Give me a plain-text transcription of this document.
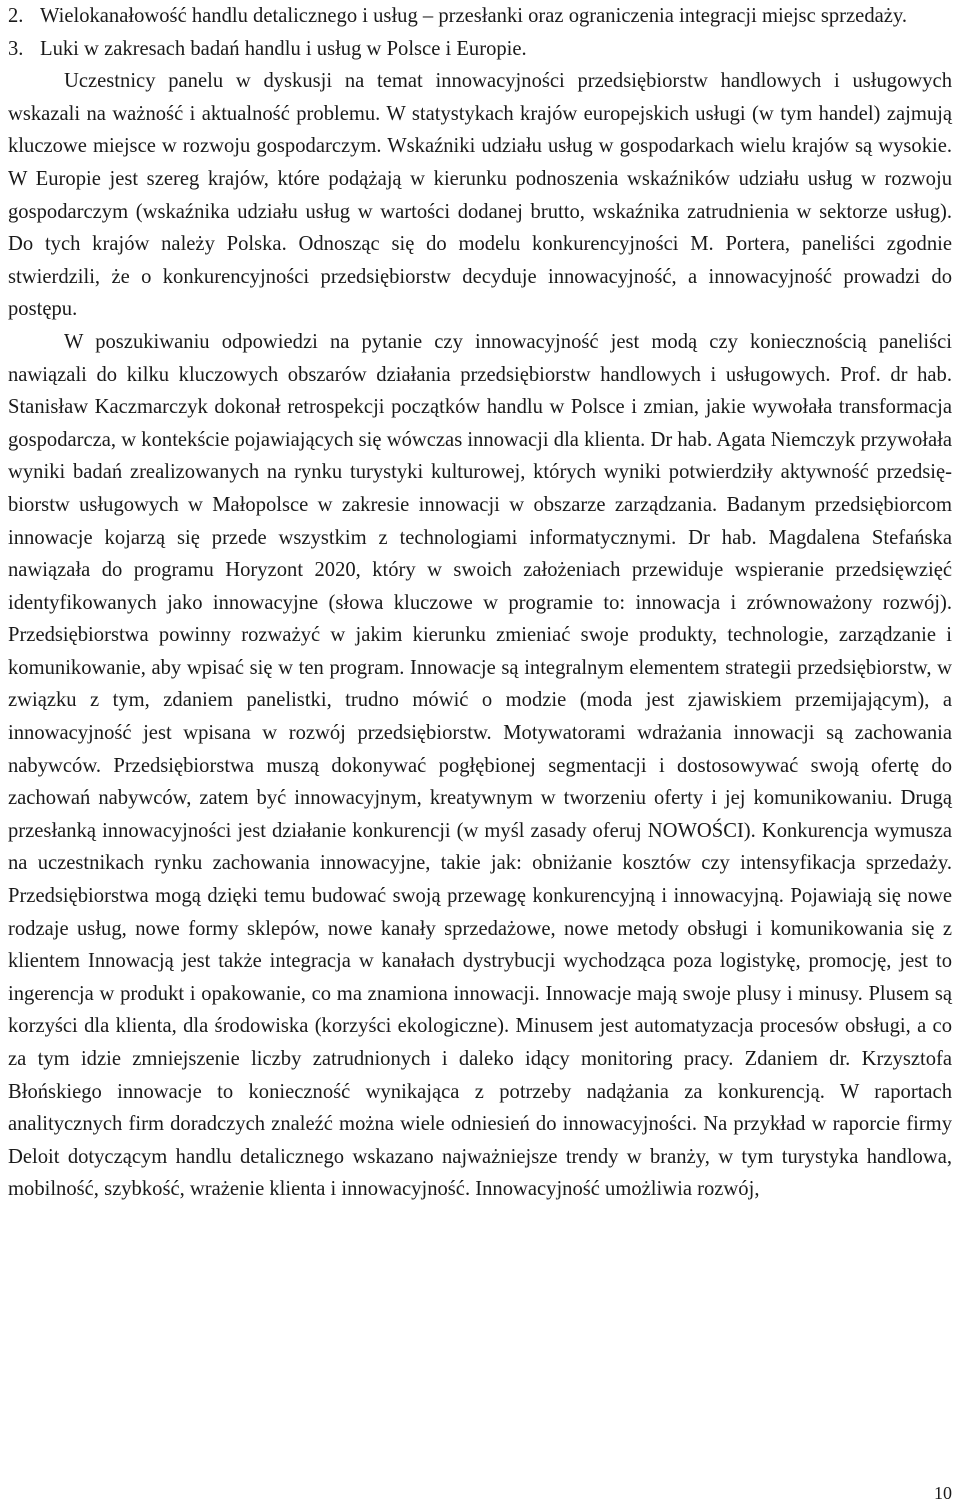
2. Wielokanałowość handlu detalicznego i usług – przesłanki oraz ograniczenia integracji miejsc sprzedaży.
3. Luki w zakresach badań handlu i usług w Polsce i Europie.

Uczestnicy panelu w dyskusji na temat innowacyjności przedsiębiorstw handlowych i usługowych wskazali na ważność i aktualność problemu. W statystykach krajów europejskich usługi (w tym handel) zajmują kluczowe miejsce w rozwoju gospodarczym. Wskaźniki udziału usług w gospodarkach wielu krajów są wysokie. W Europie jest szereg krajów, które podążają w kierunku podnoszenia wskaźników udziału usług w rozwoju gospodarczym (wskaźnika udziału usług w wartości dodanej brutto, wskaźnika zatrudnienia w sektorze usług). Do tych krajów należy Polska. Odnosząc się do modelu konkurencyjności M. Portera, paneliści zgodnie stwierdzili, że o konkurencyjności przedsiębiorstw decyduje innowacyjność, a innowacyjność prowadzi do postępu.

W poszukiwaniu odpowiedzi na pytanie czy innowacyjność jest modą czy koniecznością paneliści nawiązali do kilku kluczowych obszarów działania przedsiębiorstw handlowych i usługowych. Prof. dr hab. Stanisław Kaczmarczyk dokonał retrospekcji początków handlu w Polsce i zmian, jakie wywołała transformacja gospodarcza, w kontekście pojawiających się wówczas innowacji dla klienta. Dr hab. Agata Niemczyk przywołała wyniki badań zrealizowanych na rynku turystyki kulturowej, których wyniki potwierdziły aktywność przedsiębiorstw usługowych w Małopolsce w zakresie innowacji w obszarze zarządzania. Badanym przedsiębiorcom innowacje kojarzą się przede wszystkim z technologiami informatycznymi. Dr hab. Magdalena Stefańska nawiązała do programu Horyzont 2020, który w swoich założeniach przewiduje wspieranie przedsięwzięć identyfikowanych jako innowacyjne (słowa kluczowe w programie to: innowacja i zrównoważony rozwój). Przedsiębiorstwa powinny rozważyć w jakim kierunku zmieniać swoje produkty, technologie, zarządzanie i komunikowanie, aby wpisać się w ten program. Innowacje są integralnym elementem strategii przedsiębiorstw, w związku z tym, zdaniem panelistki, trudno mówić o modzie (moda jest zjawiskiem przemijającym), a innowacyjność jest wpisana w rozwój przedsiębiorstw. Motywatorami wdrażania innowacji są zachowania nabywców. Przedsiębiorstwa muszą dokonywać pogłębionej segmentacji i dostosowywać swoją ofertę do zachowań nabywców, zatem być innowacyjnym, kreatywnym w tworzeniu oferty i jej komunikowaniu. Drugą przesłanką innowacyjności jest działanie konkurencji (w myśl zasady oferuj NOWOŚCI). Konkurencja wymusza na uczestnikach rynku zachowania innowacyjne, takie jak: obniżanie kosztów czy intensyfikacja sprzedaży. Przedsiębiorstwa mogą dzięki temu budować swoją przewagę konkurencyjną i innowacyjną. Pojawiają się nowe rodzaje usług, nowe formy sklepów, nowe kanały sprzedażowe, nowe metody obsługi i komunikowania się z klientem Innowacją jest także integracja w kanałach dystrybucji wychodząca poza logistykę, promocję, jest to ingerencja w produkt i opakowanie, co ma znamiona innowacji. Innowacje mają swoje plusy i minusy. Plusem są korzyści dla klienta, dla środowiska (korzyści ekologiczne). Minusem jest automatyzacja procesów obsługi, a co za tym idzie zmniejszenie liczby zatrudnionych i daleko idący monitoring pracy. Zdaniem dr. Krzysztofa Błońskiego innowacje to konieczność wynikająca z potrzeby nadążania za konkurencją. W raportach analitycznych firm doradczych znaleźć można wiele odniesień do innowacyjności. Na przykład w raporcie firmy Deloit dotyczącym handlu detalicznego wskazano najważniejsze trendy w branży, w tym turystyka handlowa, mobilność, szybkość, wrażenie klienta i innowacyjność. Innowacyjność umożliwia rozwój,

10
